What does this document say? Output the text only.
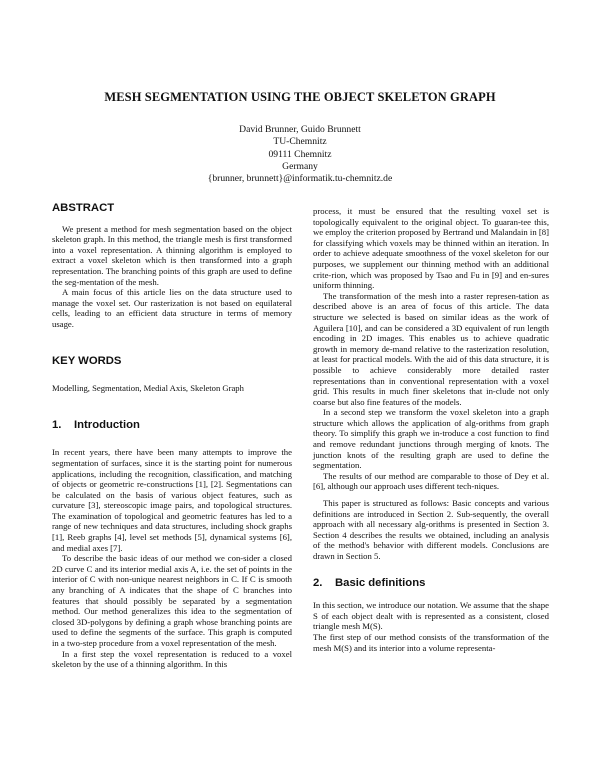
MESH SEGMENTATION USING THE OBJECT SKELETON GRAPH
David Brunner, Guido Brunnett
TU-Chemnitz
09111 Chemnitz
Germany
{brunner, brunnett}@informatik.tu-chemnitz.de
ABSTRACT

We present a method for mesh segmentation based on the object skeleton graph. In this method, the triangle mesh is first transformed into a voxel representation. A thinning algorithm is employed to extract a voxel skeleton which is then transformed into a graph representation. The branching points of this graph are used to define the seg-mentation of the mesh.

A main focus of this article lies on the data structure used to manage the voxel set. Our rasterization is not based on equilateral cells, leading to an efficient data structure in terms of memory usage.

KEY WORDS

Modelling, Segmentation, Medial Axis, Skeleton Graph

1. Introduction

In recent years, there have been many attempts to improve the segmentation of surfaces, since it is the starting point for numerous applications, including the recognition, classification, and matching of objects or geometric re-constructions [1], [2]. Segmentations can be calculated on the basis of various object features, such as curvature [3], stereoscopic image pairs, and topological structures. The examination of topological and geometric features has led to a range of new techniques and data structures, including shock graphs [1], Reeb graphs [4], level set methods [5], dynamical systems [6], and medial axes [7].

To describe the basic ideas of our method we con-sider a closed 2D curve C and its interior medial axis A, i.e. the set of points in the interior of C with non-unique nearest neighbors in C. If C is smooth any branching of A indicates that the shape of C branches into features that should possibly be separated by a segmentation method. Our method generalizes this idea to the segmentation of closed 3D-polygons by defining a graph whose branching points are used to define the segments of the surface. This graph is computed in a two-step procedure from a voxel representation of the mesh.

In a first step the voxel representation is reduced to a voxel skeleton by the use of a thinning algorithm. In this

process, it must be ensured that the resulting voxel set is topologically equivalent to the original object. To guaran-tee this, we employ the criterion proposed by Bertrand und Malandain in [8] for classifying which voxels may be thinned within an iteration. In order to achieve adequate smoothness of the voxel skeleton for our purposes, we supplement our thinning method with an additional crite-rion, which was proposed by Tsao and Fu in [9] and en-sures uniform thinning.

The transformation of the mesh into a raster represen-tation as described above is an area of focus of this article. The data structure we selected is based on similar ideas as the work of Aguilera [10], and can be considered a 3D equivalent of run length encoding in 2D images. This enables us to achieve quadratic growth in memory de-mand relative to the rasterization resolution, at least for practical models. With the aid of this data structure, it is possible to achieve considerably more detailed raster representations than in conventional representation with a voxel grid. This results in much finer skeletons that in-clude not only coarse but also fine features of the models.

In a second step we transform the voxel skeleton into a graph structure which allows the application of alg-orithms from graph theory. To simplify this graph we in-troduce a cost function to find and remove redundant junctions through merging of knots. The junction knots of the resulting graph are used to define the segmentation.

The results of our method are comparable to those of Dey et al. [6], although our approach uses different tech-niques.

This paper is structured as follows: Basic concepts and various definitions are introduced in Section 2. Sub-sequently, the overall approach with all necessary alg-orithms is presented in Section 3. Section 4 describes the results we obtained, including an analysis of the method's behavior with different models. Conclusions are drawn in Section 5.

2. Basic definitions

In this section, we introduce our notation. We assume that the shape S of each object dealt with is represented as a consistent, closed triangle mesh M(S).

The first step of our method consists of the transformation of the mesh M(S) and its interior into a volume representa-
